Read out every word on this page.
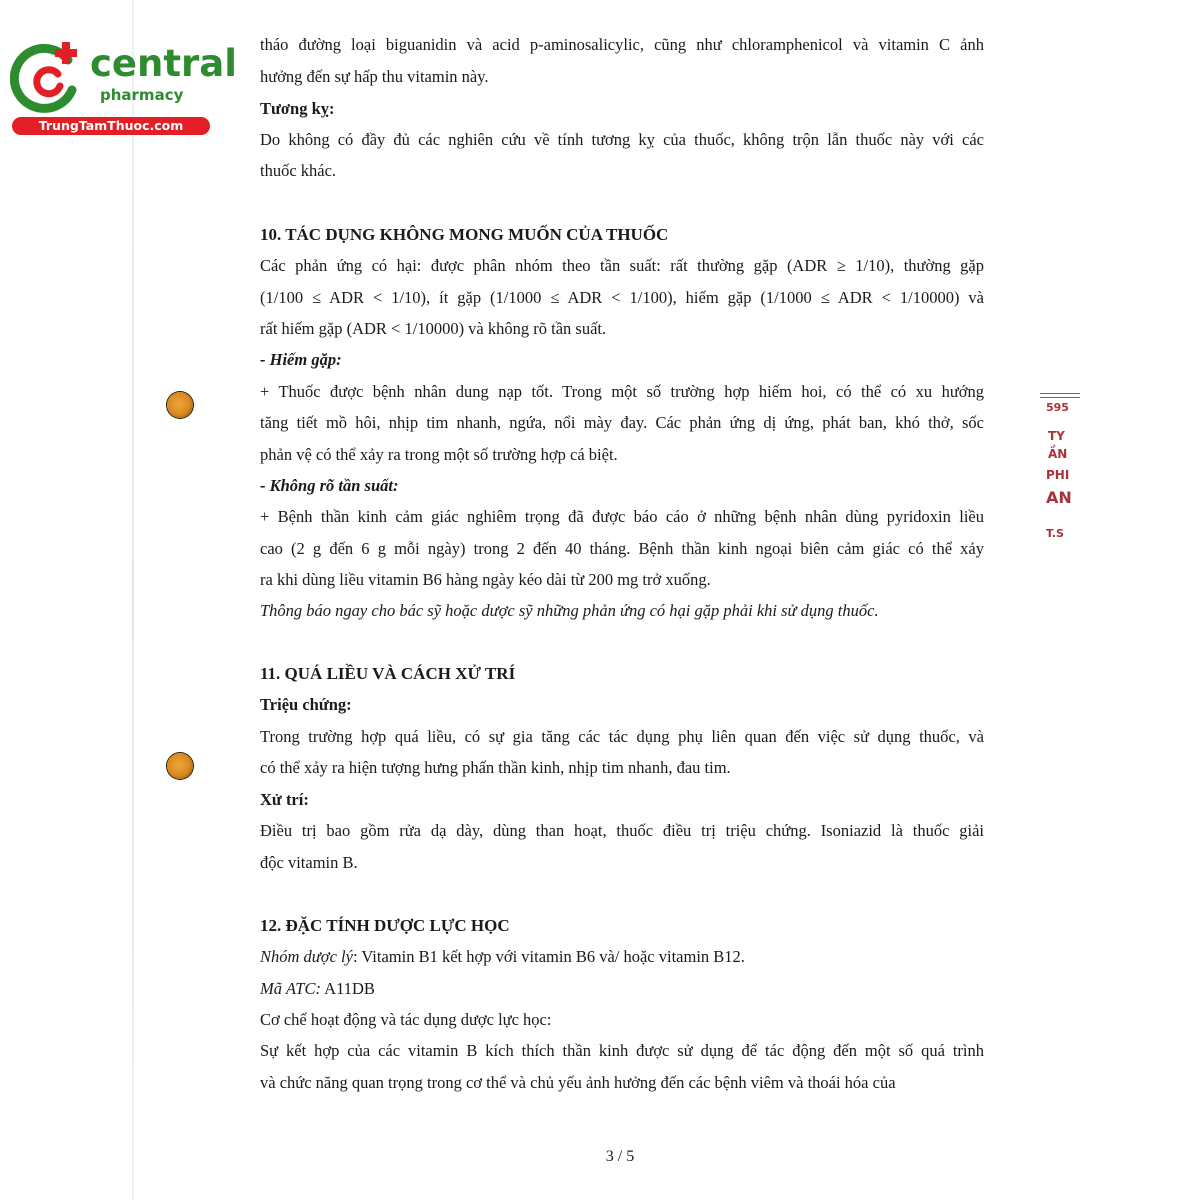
central
pharmacy
TrungTamThuoc.com
595
TY
ẦN
PHI
AN
T.S
tháo đường loại biguanidin và acid p-aminosalicylic, cũng như chloramphenicol và vitamin C ảnh
hưởng đến sự hấp thu vitamin này.
Tương kỵ:
Do không có đầy đủ các nghiên cứu về tính tương kỵ của thuốc, không trộn lẫn thuốc này với các
thuốc khác.
10. TÁC DỤNG KHÔNG MONG MUỐN CỦA THUỐC
Các phản ứng có hại: được phân nhóm theo tần suất: rất thường gặp (ADR ≥ 1/10), thường gặp
(1/100 ≤ ADR < 1/10), ít gặp (1/1000 ≤ ADR < 1/100), hiếm gặp (1/1000 ≤ ADR < 1/10000) và
rất hiếm gặp (ADR < 1/10000) và không rõ tần suất.
- Hiếm gặp:
+ Thuốc được bệnh nhân dung nạp tốt. Trong một số trường hợp hiếm hoi, có thể có xu hướng
tăng tiết mồ hôi, nhịp tim nhanh, ngứa, nổi mày đay. Các phản ứng dị ứng, phát ban, khó thở, sốc
phản vệ có thể xảy ra trong một số trường hợp cá biệt.
- Không rõ tần suất:
+ Bệnh thần kinh cảm giác nghiêm trọng đã được báo cáo ở những bệnh nhân dùng pyridoxin liều
cao (2 g đến 6 g mỗi ngày) trong 2 đến 40 tháng. Bệnh thần kinh ngoại biên cảm giác có thể xảy
ra khi dùng liều vitamin B6 hàng ngày kéo dài từ 200 mg trở xuống.
Thông báo ngay cho bác sỹ hoặc dược sỹ những phản ứng có hại gặp phải khi sử dụng thuốc.
11. QUÁ LIỀU VÀ CÁCH XỬ TRÍ
Triệu chứng:
Trong trường hợp quá liều, có sự gia tăng các tác dụng phụ liên quan đến việc sử dụng thuốc, và
có thể xảy ra hiện tượng hưng phấn thần kinh, nhịp tim nhanh, đau tim.
Xử trí:
Điều trị bao gồm rửa dạ dày, dùng than hoạt, thuốc điều trị triệu chứng. Isoniazid là thuốc giải
độc vitamin B.
12. ĐẶC TÍNH DƯỢC LỰC HỌC
Nhóm dược lý: Vitamin B1 kết hợp với vitamin B6 và/ hoặc vitamin B12.
Mã ATC: A11DB
Cơ chế hoạt động và tác dụng dược lực học:
Sự kết hợp của các vitamin B kích thích thần kinh được sử dụng để tác động đến một số quá trình
và chức năng quan trọng trong cơ thể và chủ yếu ảnh hưởng đến các bệnh viêm và thoái hóa của
3 / 5
